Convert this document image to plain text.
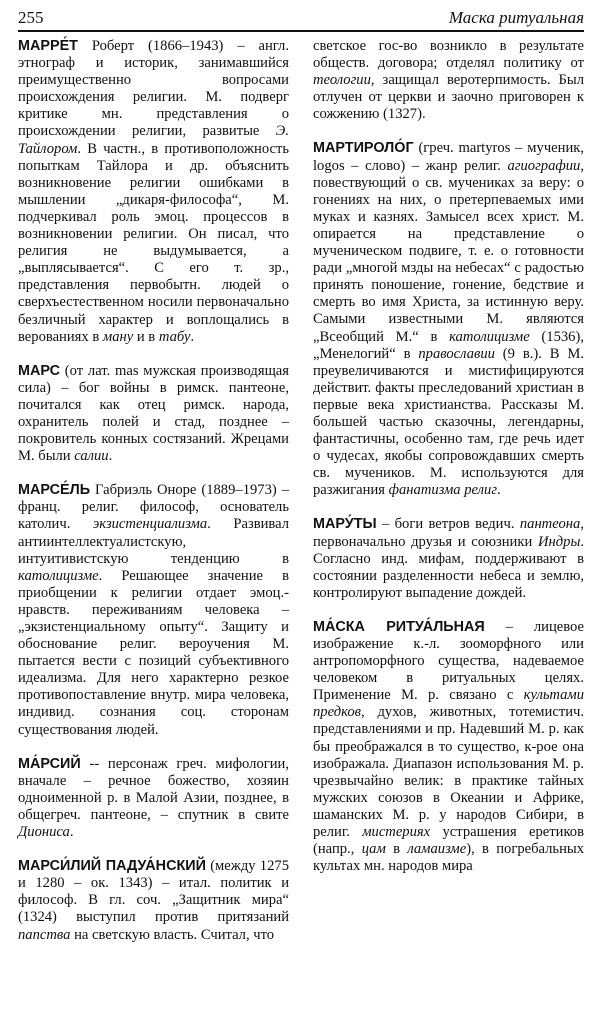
255	Маска ритуальная

МАРРЕ́Т Роберт (1866–1943) – англ. этнограф и историк, занимавшийся преимущественно вопросами происхождения религии. М. подверг критике мн. представления о происхождении религии, развитые Э. Тайлором. В частн., в противоположность попыткам Тайлора и др. объяснить возникновение религии ошибками в мышлении „дикаря-философа“, М. подчеркивал роль эмоц. процессов в возникновении религии. Он писал, что религия не выдумывается, а „выплясывается“. С его т. зр., представления первобытн. людей о сверхъестественном носили первоначально безличный характер и воплощались в верованиях в ману и в табу.

МАРС (от лат. mas мужская производящая сила) – бог войны в римск. пантеоне, почитался как отец римск. народа, охранитель полей и стад, позднее – покровитель конных состязаний. Жрецами М. были салии.

МАРСЕ́ЛЬ Габриэль Оноре (1889–1973) – франц. религ. философ, основатель католич. экзистенциализма. Развивал антиинтеллектуалистскую, интуитивистскую тенденцию в католицизме. Решающее значение в приобщении к религии отдает эмоц.-нравств. переживаниям человека – „экзистенциальному опыту“. Защиту и обоснование религ. вероучения М. пытается вести с позиций субъективного идеализма. Для него характерно резкое противопоставление внутр. мира человека, индивид. сознания соц. сторонам существования людей.

МА́РСИЙ -- персонаж греч. мифологии, вначале – речное божество, хозяин одноименной р. в Малой Азии, позднее, в общегреч. пантеоне, – спутник в свите Диониса.

МАРСИ́ЛИЙ ПАДУА́НСКИЙ (между 1275 и 1280 – ок. 1343) – итал. политик и философ. В гл. соч. „Защитник мира“ (1324) выступил против притязаний папства на светскую власть. Считал, что

светское гос-во возникло в результате обществ. договора; отделял политику от теологии, защищал веротерпимость. Был отлучен от церкви и заочно приговорен к сожжению (1327).

МАРТИРОЛО́Г (греч. martyros – мученик, logos – слово) – жанр религ. агиографии, повествующий о св. мучениках за веру: о гонениях на них, о претерпеваемых ими муках и казнях. Замысел всех христ. М. опирается на представление о мученическом подвиге, т. е. о готовности ради „многой мзды на небесах“ с радостью принять поношение, гонение, бедствие и смерть во имя Христа, за истинную веру. Самыми известными М. являются „Всеобщий М.“ в католицизме (1536), „Менелогий“ в православии (9 в.). В М. преувеличиваются и мистифицируются действит. факты преследований христиан в первые века христианства. Рассказы М. большей частью сказочны, легендарны, фантастичны, особенно там, где речь идет о чудесах, якобы сопровождавших смерть св. мучеников. М. используются для разжигания фанатизма религ.

МАРУ́ТЫ – боги ветров ведич. пантеона, первоначально друзья и союзники Индры. Согласно инд. мифам, поддерживают в состоянии разделенности небеса и землю, контролируют выпадение дождей.

МА́СКА РИТУА́ЛЬНАЯ – лицевое изображение к.-л. зооморфного или антропоморфного существа, надеваемое человеком в ритуальных целях. Применение М. р. связано с культами предков, духов, животных, тотемистич. представлениями и пр. Надевший М. р. как бы преображался в то существо, к-рое она изображала. Диапазон использования М. р. чрезвычайно велик: в практике тайных мужских союзов в Океании и Африке, шаманских М. р. у народов Сибири, в религ. мистериях устрашения еретиков (напр., цам в ламаизме), в погребальных культах мн. народов мира
